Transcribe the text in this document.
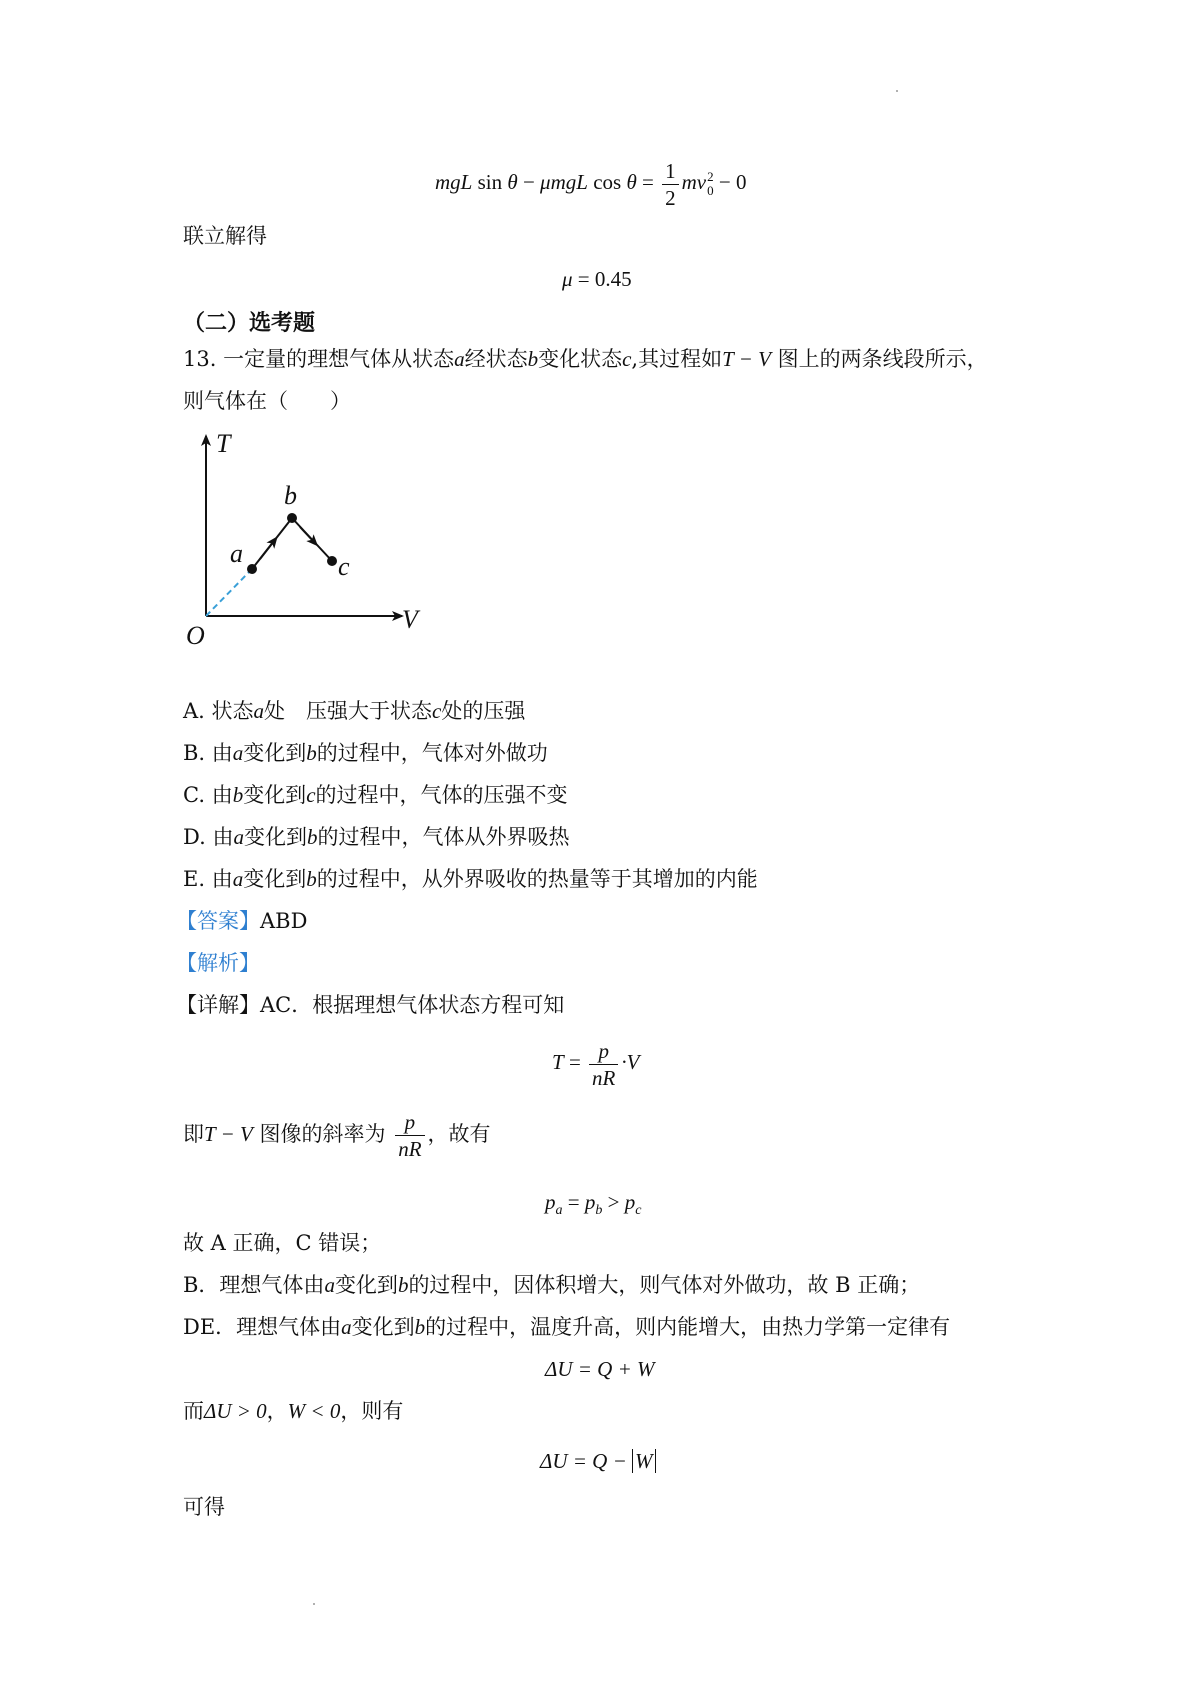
mgL sin θ − μmgL $\cos \theta = \frac{1}{2}$ mv 2
0 − 0
联立解得
μ = 0.45
（二）选考题
13. 一定量的理想气体从状态a经状态b变化状态c,其过程如T − V 图上的两条线段所示，
则气体在（　　）
T
V
O
a
b
c
A. 状态a处　压强大于状态c处的压强
B. 由a变化到b的过程中，气体对外做功
C. 由b变化到c的过程中，气体的压强不变
D. 由a变化到b的过程中，气体从外界吸热
E. 由a变化到b的过程中，从外界吸收的热量等于其增加的内能
【答案】ABD
【解析】
【详解】AC．根据理想气体状态方程可知
$T = \frac{p}{nR} \cdot V$
即T − V 图像的斜率为 $\frac{p}{nR}$ ，故有
$p_a = p_b > p_c$
故 A 正确，C 错误；
B．理想气体由a变化到b的过程中，因体积增大，则气体对外做功，故 B 正确；
DE．理想气体由a变化到b的过程中，温度升高，则内能增大，由热力学第一定律有
ΔU = Q + W
而ΔU > 0，W < 0，则有
ΔU = Q − W
可得
